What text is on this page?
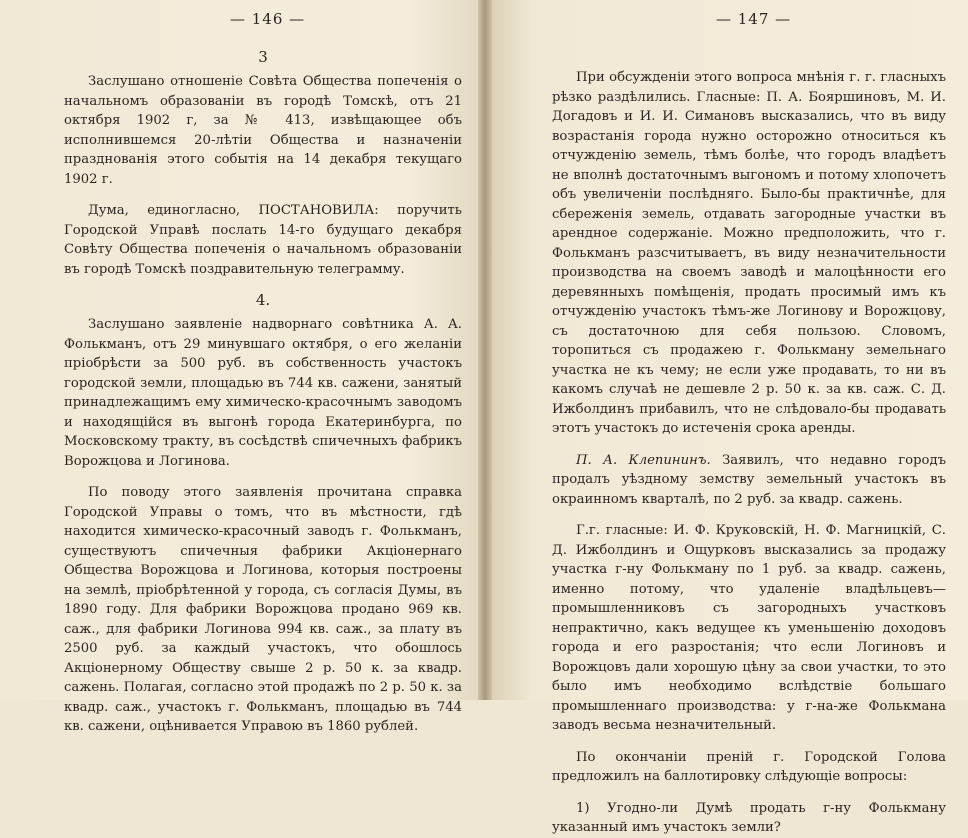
— 146 —
3

Заслушано отношеніе Совѣта Общества попеченія о начальномъ образованіи въ городѣ Томскѣ, отъ 21 октября 1902 г, за № 413, извѣщающее объ исполнившемся 20-лѣтіи Общества и назначеніи празднованія этого событія на 14 декабря текущаго 1902 г.

Дума, единогласно, ПОСТАНОВИЛА: поручить Городской Управѣ послать 14-го будущаго декабря Совѣту Общества попеченія о начальномъ образованіи въ городѣ Томскѣ поздравительную телеграмму.

4.

Заслушано заявленіе надворнаго совѣтника А. А. Фолькманъ, отъ 29 минувшаго октября, о его желаніи пріобрѣсти за 500 руб. въ собственность участокъ городской земли, площадью въ 744 кв. сажени, занятый принадлежащимъ ему химическо-красочнымъ заводомъ и находящійся въ выгонѣ города Екатеринбурга, по Московскому тракту, въ сосѣдствѣ спичечныхъ фабрикъ Ворожцова и Логинова.

По поводу этого заявленія прочитана справка Городской Управы о томъ, что въ мѣстности, гдѣ находится химическо-красочный заводъ г. Фолькманъ, существуютъ спичечныя фабрики Акціонернаго Общества Ворожцова и Логинова, которыя построены на землѣ, пріобрѣтенной у города, съ согласія Думы, въ 1890 году. Для фабрики Ворожцова продано 969 кв. саж., для фабрики Логинова 994 кв. саж., за плату въ 2500 руб. за каждый участокъ, что обошлось Акціонерному Обществу свыше 2 р. 50 к. за квадр. сажень. Полагая, согласно этой продажѣ по 2 р. 50 к. за квадр. саж., участокъ г. Фолькманъ, площадью въ 744 кв. сажени, оцѣнивается Управою въ 1860 рублей.

— 147 —

При обсужденіи этого вопроса мнѣнія г. г. гласныхъ рѣзко раздѣлились. Гласные: П. А. Бояршиновъ, М. И. Догадовъ и И. И. Симановъ высказались, что въ виду возрастанія города нужно осторожно относиться къ отчужденію земель, тѣмъ болѣе, что городъ владѣетъ не вполнѣ достаточнымъ выгономъ и потому хлопочетъ объ увеличеніи послѣдняго. Было-бы практичнѣе, для сбереженія земель, отдавать загородные участки въ арендное содержаніе. Можно предположить, что г. Фолькманъ разсчитываетъ, въ виду незначительности производства на своемъ заводѣ и малоцѣнности его деревянныхъ помѣщенія, продать просимый имъ къ отчужденію участокъ тѣмъ-же Логинову и Ворожцову, съ достаточною для себя пользою. Словомъ, торопиться съ продажею г. Фолькману земельнаго участка не къ чему; не если уже продавать, то ни въ какомъ случаѣ не дешевле 2 р. 50 к. за кв. саж. С. Д. Ижболдинъ прибавилъ, что не слѣдовало-бы продавать этотъ участокъ до истеченія срока аренды.

П. А. Клепининъ. Заявилъ, что недавно городъ продалъ уѣздному земству земельный участокъ въ окраинномъ кварталѣ, по 2 руб. за квадр. сажень.

Г.г. гласные: И. Ф. Круковскій, Н. Ф. Магницкій, С. Д. Ижболдинъ и Ощурковъ высказались за продажу участка г-ну Фолькману по 1 руб. за квадр. сажень, именно потому, что удаленіе владѣльцевъ—промышленниковъ съ загородныхъ участковъ непрактично, какъ ведущее къ уменьшенію доходовъ города и его разростанія; что если Логиновъ и Ворожцовъ дали хорошую цѣну за свои участки, то это было имъ необходимо вслѣдствіе большаго промышленнаго производства: у г-на-же Фолькмана заводъ весьма незначительный.

По окончаніи преній г. Городской Голова предложилъ на баллотировку слѣдующіе вопросы:

1) Угодно-ли Думѣ продать г-ну Фолькману указанный имъ участокъ земли?
